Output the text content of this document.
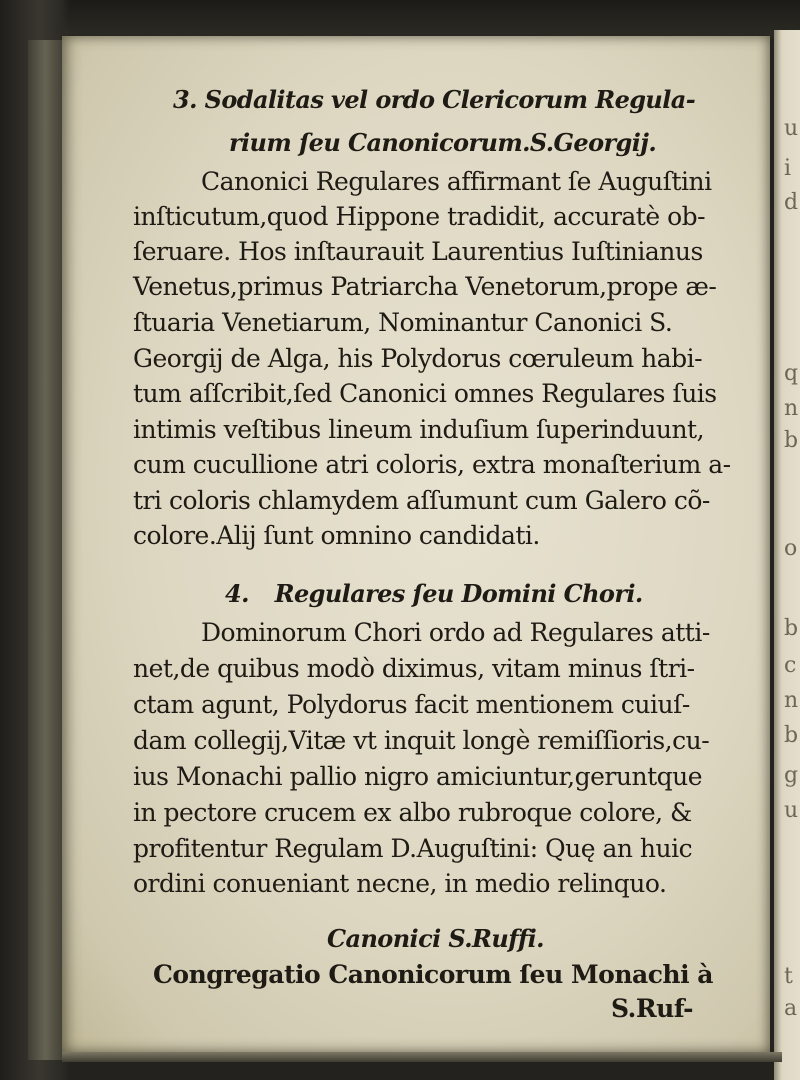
u
i
d
q
n
b
o
b
c
n
b
g
u
t
a
3. Sodalitas vel ordo Clericorum Regula-
rium ſeu Canonicorum.S.Georgij.
Canonici Regulares affirmant ſe Auguſtini
inſticutum,quod Hippone tradidit, accuratè ob-
ſeruare. Hos inſtaurauit Laurentius Iuſtinianus
Venetus,primus Patriarcha Venetorum,prope æ-
ſtuaria Venetiarum, Nominantur Canonici S.
Georgij de Alga, his Polydorus cœruleum habi-
tum aſſcribit,ſed Canonici omnes Regulares ſuis
intimis veſtibus lineum induſium ſuperinduunt,
cum cucullione atri coloris, extra monaſterium a-
tri coloris chlamydem aſſumunt cum Galero cõ-
colore.Alij ſunt omnino candidati.
4. Regulares ſeu Domini Chori.
Dominorum Chori ordo ad Regulares atti-
net,de quibus modò diximus, vitam minus ſtri-
ctam agunt, Polydorus facit mentionem cuiuſ-
dam collegij,Vitæ vt inquit longè remiſſioris,cu-
ius Monachi pallio nigro amiciuntur,geruntque
in pectore crucem ex albo rubroque colore, &
profitentur Regulam D.Auguſtini: Quę an huic
ordini conueniant necne, in medio relinquo.
Canonici S.Ruffi.
Congregatio Canonicorum ſeu Monachi à
S.Ruf-
